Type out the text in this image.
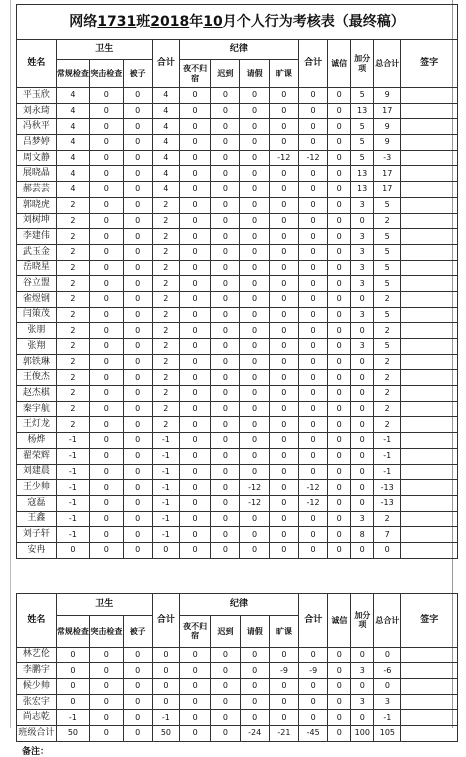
网络1731班2018年10月个人行为考核表（最终稿）													
姓名	卫生			合计	纪律				合计	诚信	加分项	总合计	签字
	常规检查	突击检查	被子		夜不归宿	迟到	请假	旷课					
平玉欣	4	0	0	4	0	0	0	0	0	0	5	9	
刘永琦	4	0	0	4	0	0	0	0	0	0	13	17	
冯秋平	4	0	0	4	0	0	0	0	0	0	5	9	
吕梦婷	4	0	0	4	0	0	0	0	0	0	5	9	
周文静	4	0	0	4	0	0	0	-12	-12	0	5	-3	
展晓晶	4	0	0	4	0	0	0	0	0	0	13	17	
郝芸芸	4	0	0	4	0	0	0	0	0	0	13	17	
郭晓虎	2	0	0	2	0	0	0	0	0	0	3	5	
刘树坤	2	0	0	2	0	0	0	0	0	0	0	2	
李建伟	2	0	0	2	0	0	0	0	0	0	3	5	
武玉金	2	0	0	2	0	0	0	0	0	0	3	5	
岳晓星	2	0	0	2	0	0	0	0	0	0	3	5	
谷立盟	2	0	0	2	0	0	0	0	0	0	3	5	
雀煜钢	2	0	0	2	0	0	0	0	0	0	0	2	
闫策茂	2	0	0	2	0	0	0	0	0	0	3	5	
张朋	2	0	0	2	0	0	0	0	0	0	0	2	
张翔	2	0	0	2	0	0	0	0	0	0	3	5	
郭铁琳	2	0	0	2	0	0	0	0	0	0	0	2	
王俊杰	2	0	0	2	0	0	0	0	0	0	0	2	
赵杰棋	2	0	0	2	0	0	0	0	0	0	0	2	
秦宇航	2	0	0	2	0	0	0	0	0	0	0	2	
王灯龙	2	0	0	2	0	0	0	0	0	0	0	2	
杨烨	-1	0	0	-1	0	0	0	0	0	0	0	-1	
翟荣辉	-1	0	0	-1	0	0	0	0	0	0	0	-1	
刘建晨	-1	0	0	-1	0	0	0	0	0	0	0	-1	
王少帅	-1	0	0	-1	0	0	-12	0	-12	0	0	-13	
寇磊	-1	0	0	-1	0	0	-12	0	-12	0	0	-13	
王鑫	-1	0	0	-1	0	0	0	0	0	0	3	2	
刘子轩	-1	0	0	-1	0	0	0	0	0	0	8	7	
安冉	0	0	0	0	0	0	0	0	0	0	0	0	
姓名	卫生			合计	纪律				合计	诚信	加分项	总合计	签字
	常规检查	突击检查	被子		夜不归宿	迟到	请假	旷课					
林艺伦	0	0	0	0	0	0	0	0	0	0	0	0	
李鹏宇	0	0	0	0	0	0	0	-9	-9	0	3	-6	
候少帅	0	0	0	0	0	0	0	0	0	0	0	0	
张宏宇	0	0	0	0	0	0	0	0	0	0	3	3	
尚志乾	-1	0	0	-1	0	0	0	0	0	0	0	-1	
班级合计	50	0	0	50	0	0	-24	-21	-45	0	100	105	
备注：
